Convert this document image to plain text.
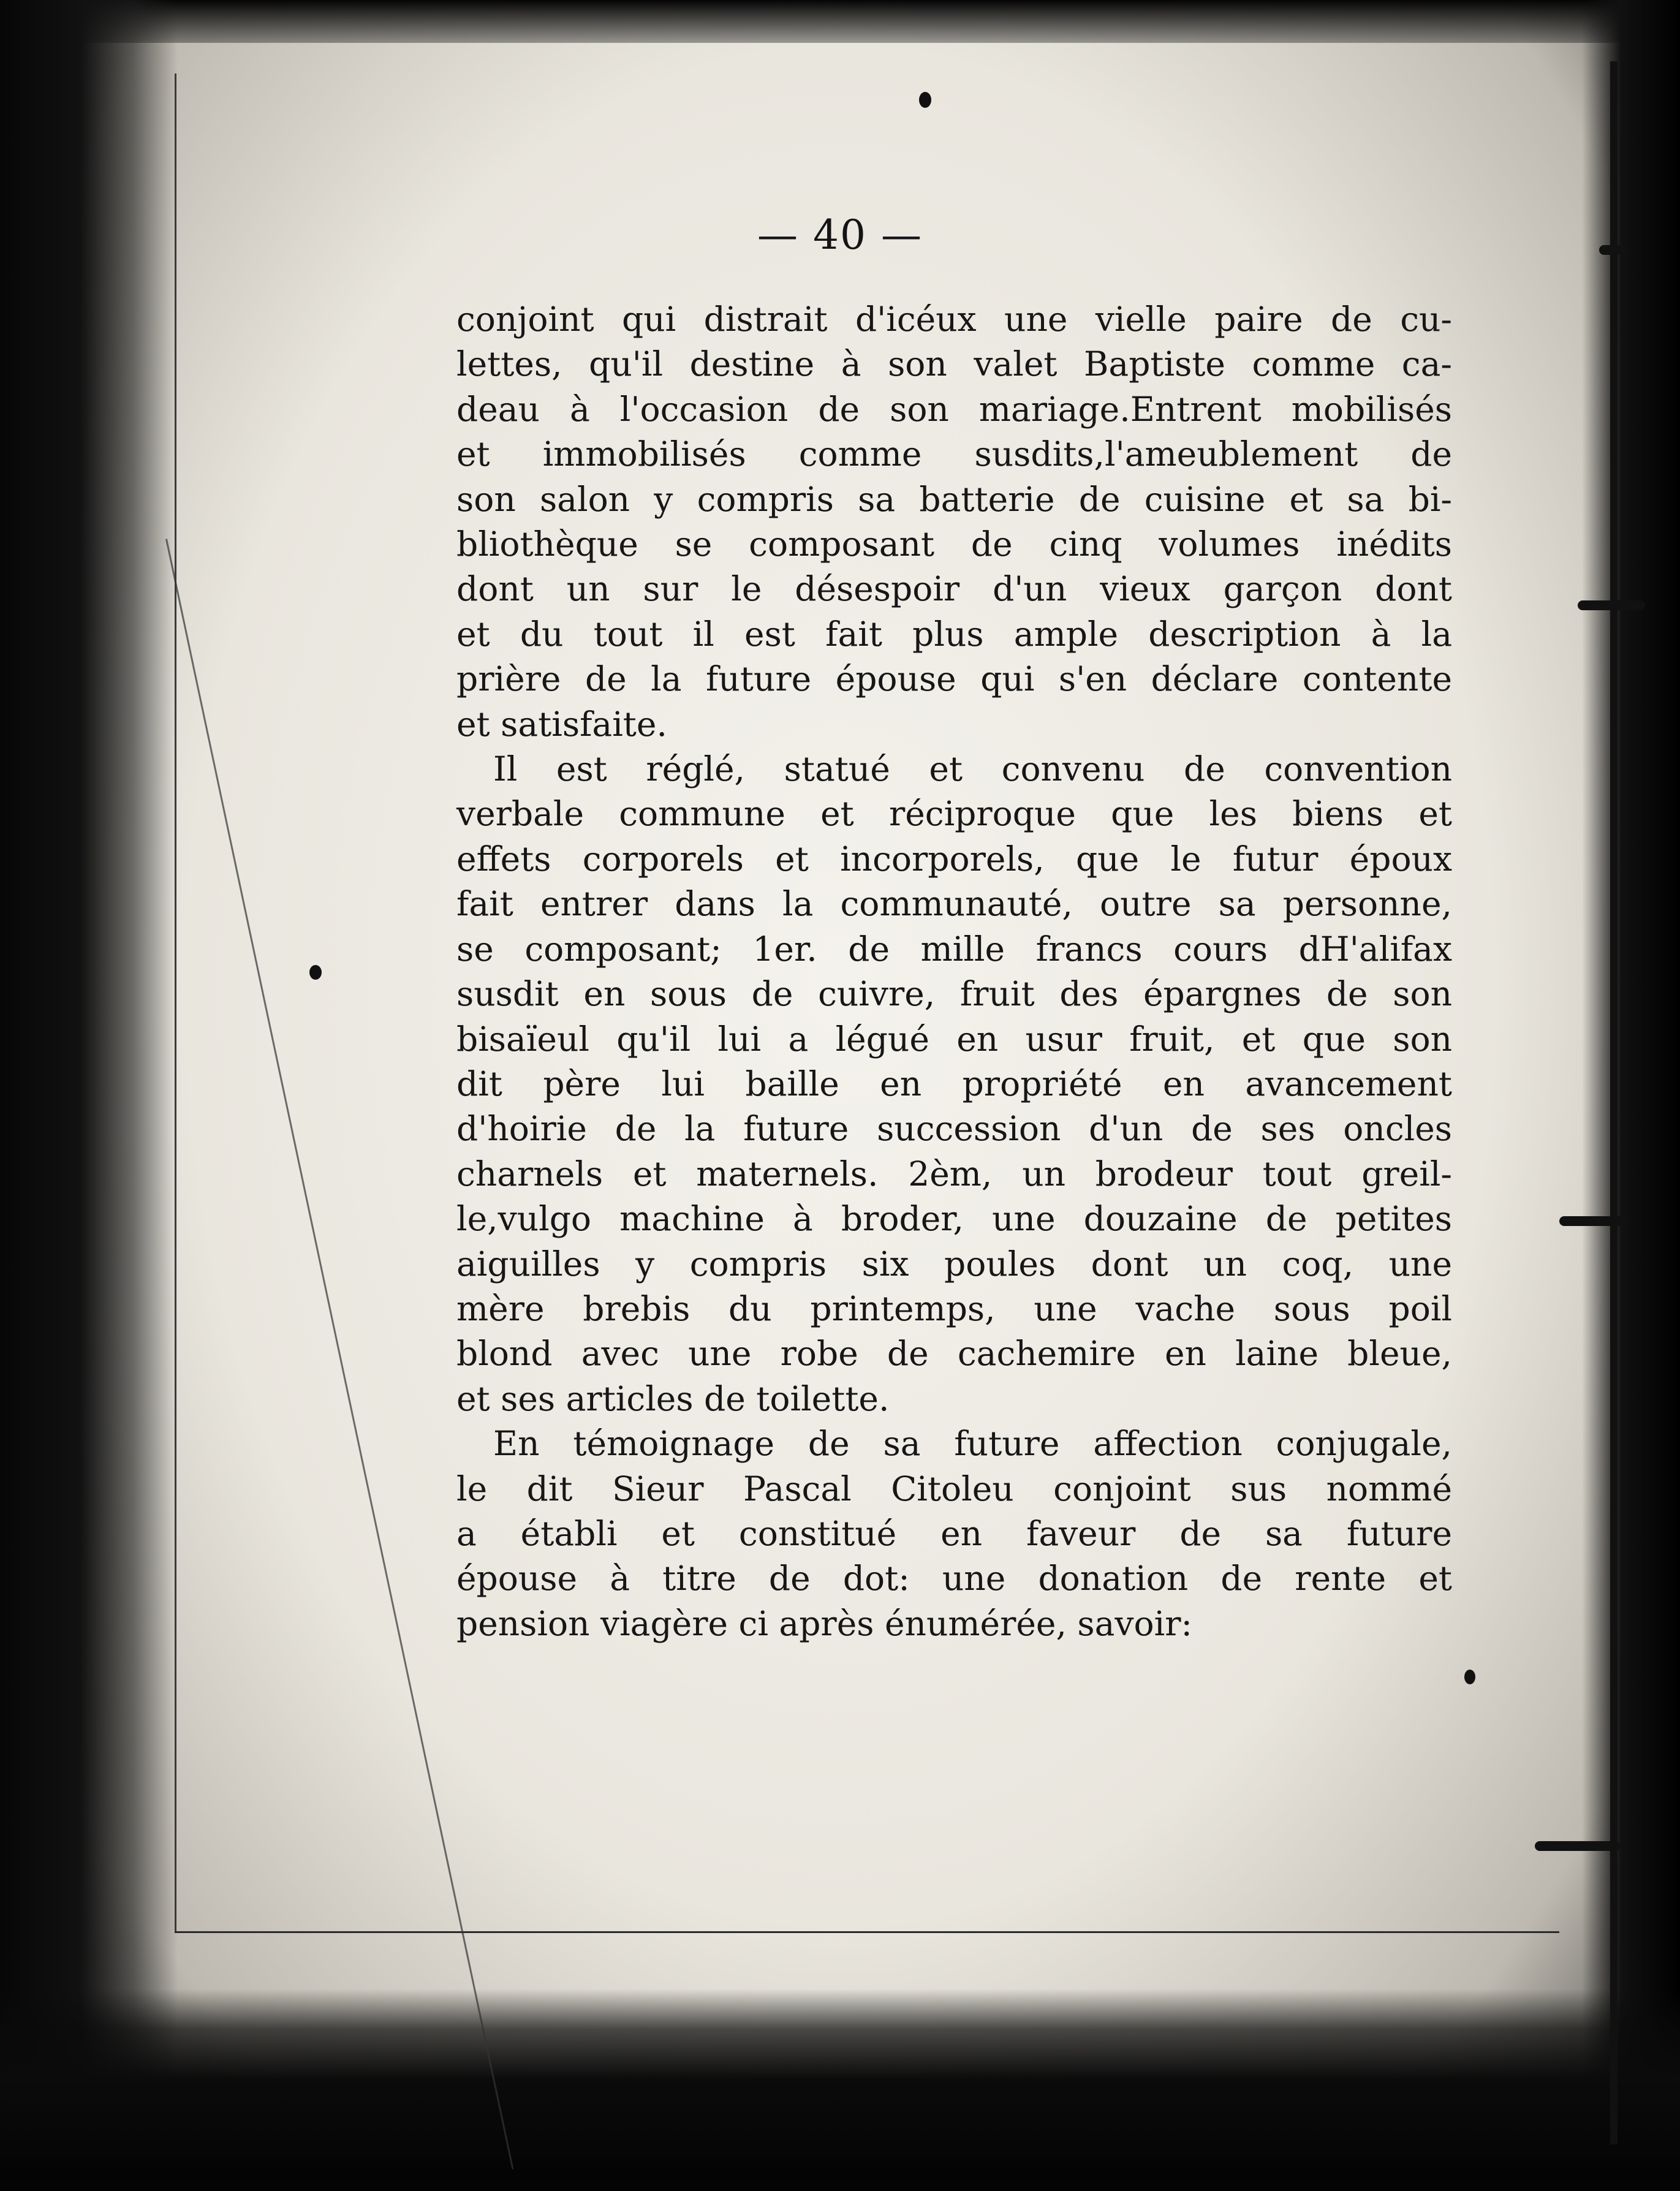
— 40 —
conjoint qui distrait d'icéux une vielle paire de cu-
lettes, qu'il destine à son valet Baptiste comme ca-
deau à l'occasion de son mariage.Entrent mobilisés
et immobilisés comme susdits,l'ameublement de
son salon y compris sa batterie de cuisine et sa bi-
bliothèque se composant de cinq volumes inédits
dont un sur le désespoir d'un vieux garçon dont
et du tout il est fait plus ample description à la
prière de la future épouse qui s'en déclare contente
et satisfaite.
Il est réglé, statué et convenu de convention
verbale commune et réciproque que les biens et
effets corporels et incorporels, que le futur époux
fait entrer dans la communauté, outre sa personne,
se composant; 1er. de mille francs cours dH'alifax
susdit en sous de cuivre, fruit des épargnes de son
bisaïeul qu'il lui a légué en usur fruit, et que son
dit père lui baille en propriété en avancement
d'hoirie de la future succession d'un de ses oncles
charnels et maternels. 2èm, un brodeur tout greil-
le,vulgo machine à broder, une douzaine de petites
aiguilles y compris six poules dont un coq, une
mère brebis du printemps, une vache sous poil
blond avec une robe de cachemire en laine bleue,
et ses articles de toilette.
En témoignage de sa future affection conjugale,
le dit Sieur Pascal Citoleu conjoint sus nommé
a établi et constitué en faveur de sa future
épouse à titre de dot: une donation de rente et
pension viagère ci après énumérée, savoir:
